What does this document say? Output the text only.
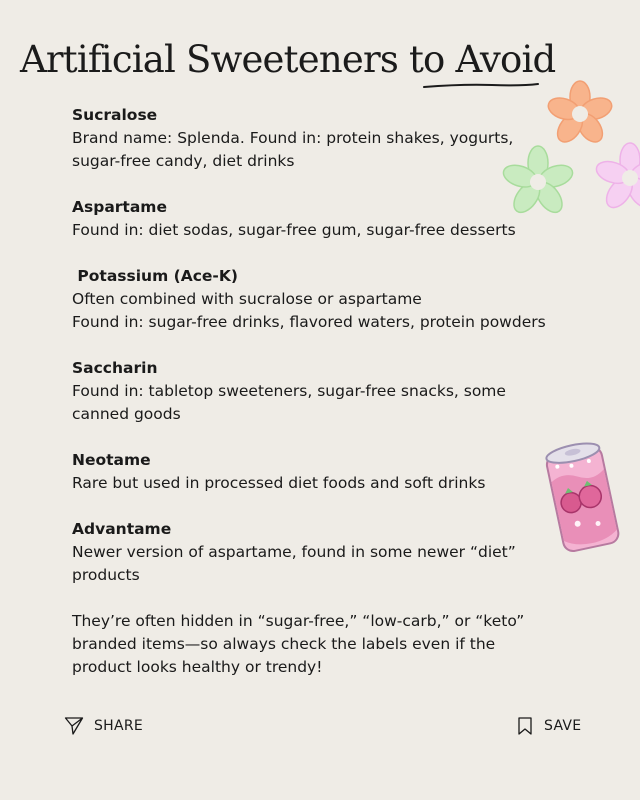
Artificial Sweeteners to Avoid
Sucralose
Brand name: Splenda. Found in: protein shakes, yogurts,
sugar-free candy, diet drinks
Aspartame
Found in: diet sodas, sugar-free gum, sugar-free desserts
Potassium (Ace-K)
Often combined with sucralose or aspartame
Found in: sugar-free drinks, flavored waters, protein powders
Saccharin
Found in: tabletop sweeteners, sugar-free snacks, some
canned goods
Neotame
Rare but used in processed diet foods and soft drinks
Advantame
Newer version of aspartame, found in some newer “diet”
products
They’re often hidden in “sugar-free,” “low-carb,” or “keto”
branded items—so always check the labels even if the
product looks healthy or trendy!
SHARE	SAVE
